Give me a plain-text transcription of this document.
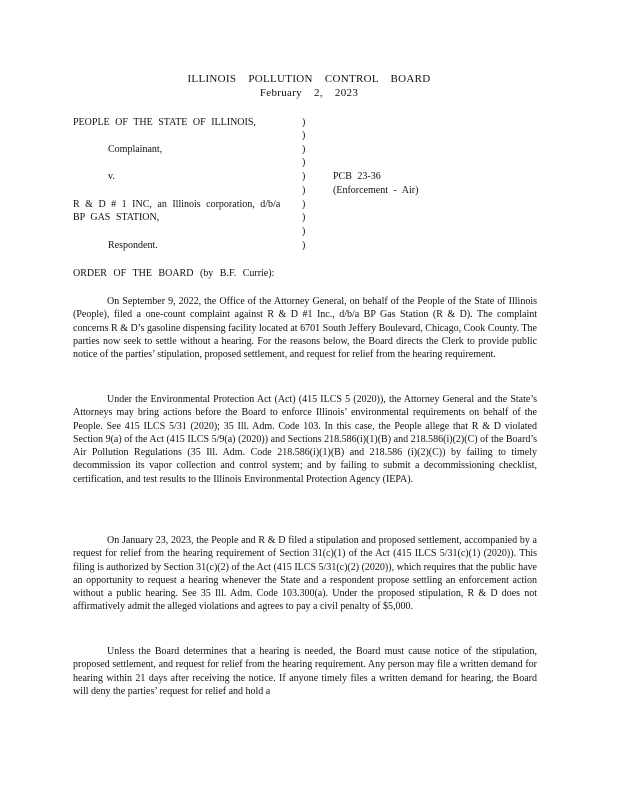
ILLINOIS POLLUTION CONTROL BOARD
February 2, 2023
PEOPLE OF THE STATE OF ILLINOIS,
Complainant,
v.
R & D # 1 INC, an Illinois corporation, d/b/a
BP GAS STATION,
Respondent.
PCB 23-36
(Enforcement - Air)
)
)
)
)
)
)
)
)
)
)
ORDER OF THE BOARD (by B.F. Currie):

On September 9, 2022, the Office of the Attorney General, on behalf of the People of the State of Illinois (People), filed a one-count complaint against R & D #1 Inc., d/b/a BP Gas Station (R & D). The complaint concerns R & D’s gasoline dispensing facility located at 6701 South Jeffery Boulevard, Chicago, Cook County. The parties now seek to settle without a hearing. For the reasons below, the Board directs the Clerk to provide public notice of the parties’ stipulation, proposed settlement, and request for relief from the hearing requirement.

Under the Environmental Protection Act (Act) (415 ILCS 5 (2020)), the Attorney General and the State’s Attorneys may bring actions before the Board to enforce Illinois’ environmental requirements on behalf of the People. See 415 ILCS 5/31 (2020); 35 Ill. Adm. Code 103. In this case, the People allege that R & D violated Section 9(a) of the Act (415 ILCS 5/9(a) (2020)) and Sections 218.586(i)(1)(B) and 218.586(i)(2)(C) of the Board’s Air Pollution Regulations (35 Ill. Adm. Code 218.586(i)(1)(B) and 218.586 (i)(2)(C)) by failing to timely decommission its vapor collection and control system; and by failing to submit a decommissioning checklist, certification, and test results to the Illinois Environmental Protection Agency (IEPA).

On January 23, 2023, the People and R & D filed a stipulation and proposed settlement, accompanied by a request for relief from the hearing requirement of Section 31(c)(1) of the Act (415 ILCS 5/31(c)(1) (2020)). This filing is authorized by Section 31(c)(2) of the Act (415 ILCS 5/31(c)(2) (2020)), which requires that the public have an opportunity to request a hearing whenever the State and a respondent propose settling an enforcement action without a public hearing. See 35 Ill. Adm. Code 103.300(a). Under the proposed stipulation, R & D does not affirmatively admit the alleged violations and agrees to pay a civil penalty of $5,000.

Unless the Board determines that a hearing is needed, the Board must cause notice of the stipulation, proposed settlement, and request for relief from the hearing requirement. Any person may file a written demand for hearing within 21 days after receiving the notice. If anyone timely files a written demand for hearing, the Board will deny the parties’ request for relief and hold a
